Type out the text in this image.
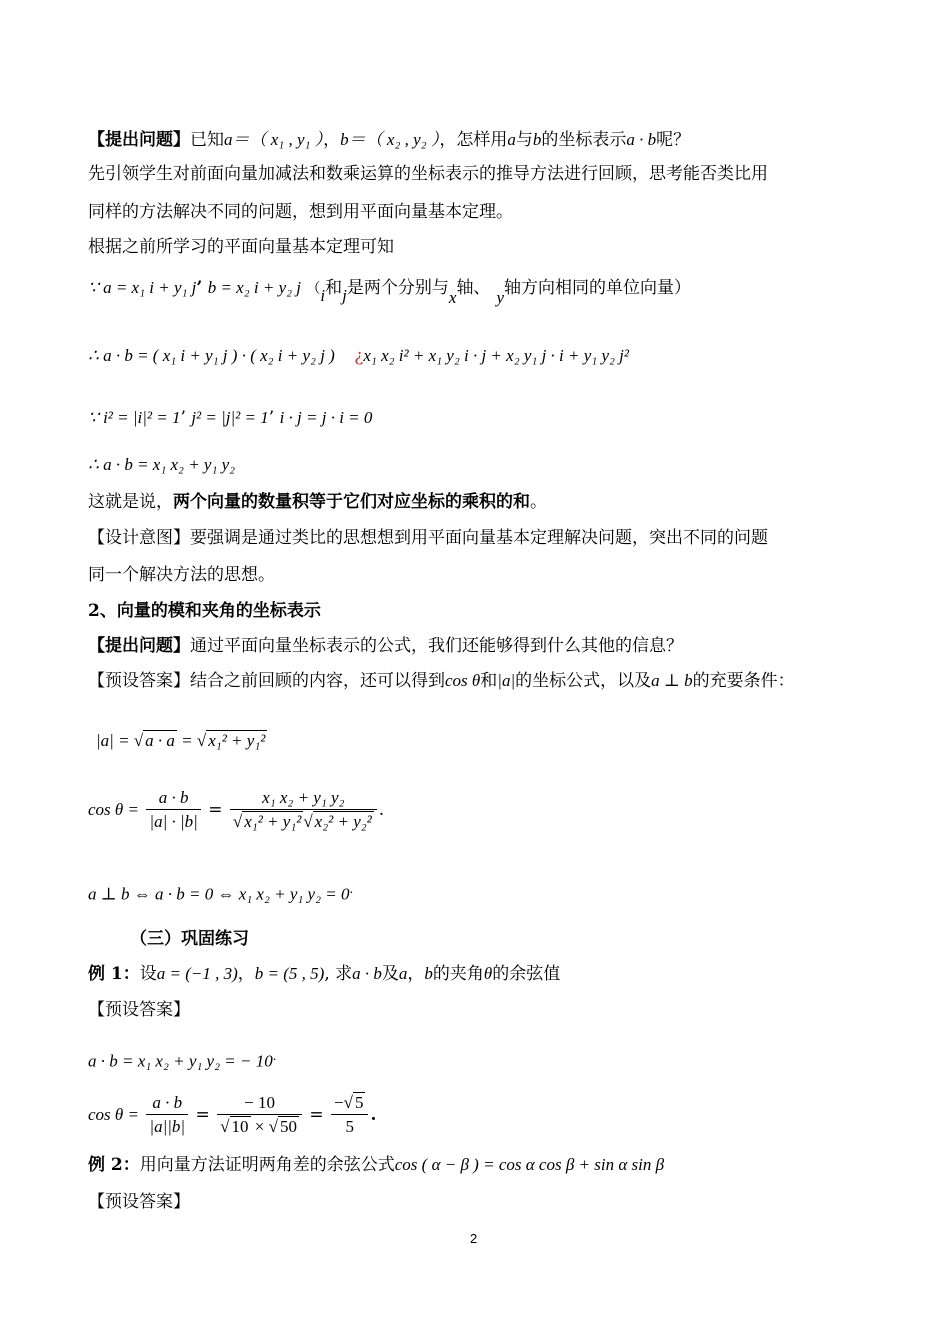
【提出问题】已知a＝（ x₁ , y₁ ），b＝（ x₂ , y₂ ），怎样用a与b的坐标表示a · b呢？
先引领学生对前面向量加减法和数乘运算的坐标表示的推导方法进行回顾，思考能否类比用
同样的方法解决不同的问题，想到用平面向量基本定理。
根据之前所学习的平面向量基本定理可知
∵ a = x₁ i + y₁ j’ b = x₂ i + y₂ j （i和j是两个分别与x轴、 y轴方向相同的单位向量）
∴ a · b = ( x₁ i + y₁ j ) · ( x₂ i + y₂ j ) ¿x₁ x₂ i² + x₁ y₂ i · j + x₂ y₁ j · i + y₁ y₂ j²
∵ i² = |i|² = 1’ j² = |j|² = 1’ i · j = j · i = 0
∴ a · b = x₁ x₂ + y₁ y₂
这就是说，两个向量的数量积等于它们对应坐标的乘积的和。
【设计意图】要强调是通过类比的思想想到用平面向量基本定理解决问题，突出不同的问题
同一个解决方法的思想。
2、向量的模和夹角的坐标表示
【提出问题】通过平面向量坐标表示的公式，我们还能够得到什么其他的信息？
【预设答案】结合之前回顾的内容，还可以得到cos θ和|a|的坐标公式，以及a ⊥ b的充要条件：
|a| = √ a · a = √ x₁² + y₁²
$\cos \theta = \frac{a \cdot b}{|a| \cdot |b|} = \frac{\text{x₁ x₂ + y₁ y₂}}{\text{√ x₁² + y₁² √ x₂² + y₂²}}$ .
a ⊥ b ⇔ a · b = 0 ⇔ x₁ x₂ + y₁ y₂ = 0.
（三）巩固练习
例 1：设a = (−1 , 3)，b = (5 , 5), 求a · b及a，b的夹角θ的余弦值
【预设答案】
a · b = x₁ x₂ + y₁ y₂ = − 10.
$\cos \theta = \frac{a \cdot b}{|a||b|} = \frac{- 10}{√ 10 \times √ 50} = \frac{-√ 5}{5}$ .
例 2：用向量方法证明两角差的余弦公式cos ( α − β ) = cos α cos β + sin α sin β
【预设答案】
2
